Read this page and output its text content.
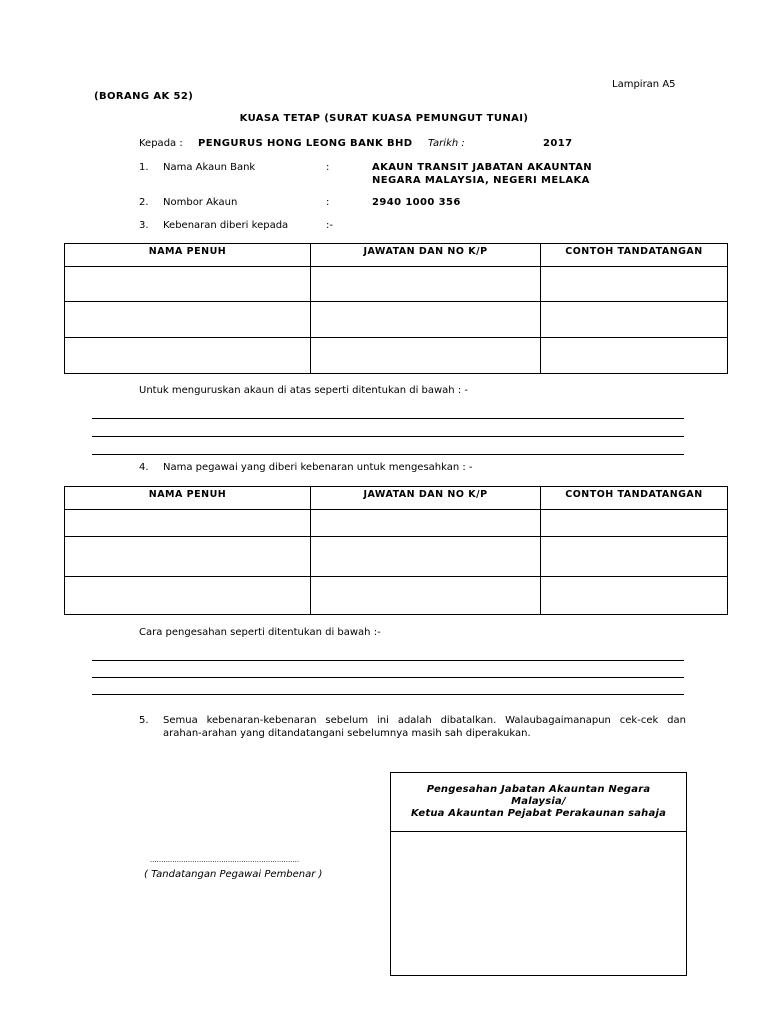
Lampiran A5
(BORANG AK 52)
KUASA TETAP (SURAT KUASA PEMUNGUT TUNAI)
Kepada : PENGURUS HONG LEONG BANK BHD Tarikh :	2017
1. Nama Akaun Bank	:	AKAUN TRANSIT JABATAN AKAUNTAN
NEGARA MALAYSIA, NEGERI MELAKA
2. Nombor Akaun	:	2940 1000 356
3. Kebenaran diberi kepada	:-
NAMA PENUH	JAWATAN DAN NO K/P	CONTOH TANDATANGAN

Untuk menguruskan akaun di atas seperti ditentukan di bawah : -
4. Nama pegawai yang diberi kebenaran untuk mengesahkan : -
NAMA PENUH	JAWATAN DAN NO K/P	CONTOH TANDATANGAN

Cara pengesahan seperti ditentukan di bawah :-
5. Semua kebenaran-kebenaran sebelum ini adalah dibatalkan. Walaubagaimanapun cek-cek dan
arahan-arahan yang ditandatangani sebelumnya masih sah diperakukan.
...................................................................
( Tandatangan Pegawai Pembenar )
Pengesahan Jabatan Akauntan Negara
Malaysia/
Ketua Akauntan Pejabat Perakaunan sahaja
